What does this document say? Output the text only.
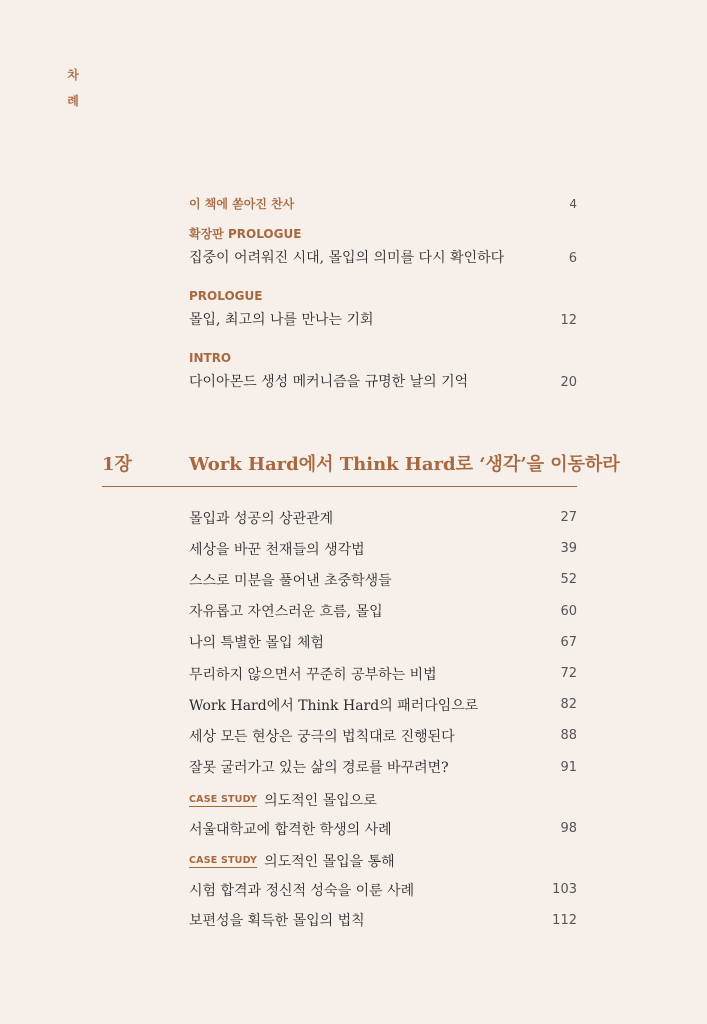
차
례
이 책에 쏟아진 찬사	4
확장판 PROLOGUE
집중이 어려워진 시대, 몰입의 의미를 다시 확인하다	6
PROLOGUE
몰입, 최고의 나를 만나는 기회	12
INTRO
다이아몬드 생성 메커니즘을 규명한 날의 기억	20
1장	Work Hard에서 Think Hard로 ‘생각’을 이동하라
몰입과 성공의 상관관계	27
세상을 바꾼 천재들의 생각법	39
스스로 미분을 풀어낸 초중학생들	52
자유롭고 자연스러운 흐름, 몰입	60
나의 특별한 몰입 체험	67
무리하지 않으면서 꾸준히 공부하는 비법	72
Work Hard에서 Think Hard의 패러다임으로	82
세상 모든 현상은 궁극의 법칙대로 진행된다	88
잘못 굴러가고 있는 삶의 경로를 바꾸려면?	91
CASE STUDY 의도적인 몰입으로
서울대학교에 합격한 학생의 사례	98
CASE STUDY 의도적인 몰입을 통해
시험 합격과 정신적 성숙을 이룬 사례	103
보편성을 획득한 몰입의 법칙	112
